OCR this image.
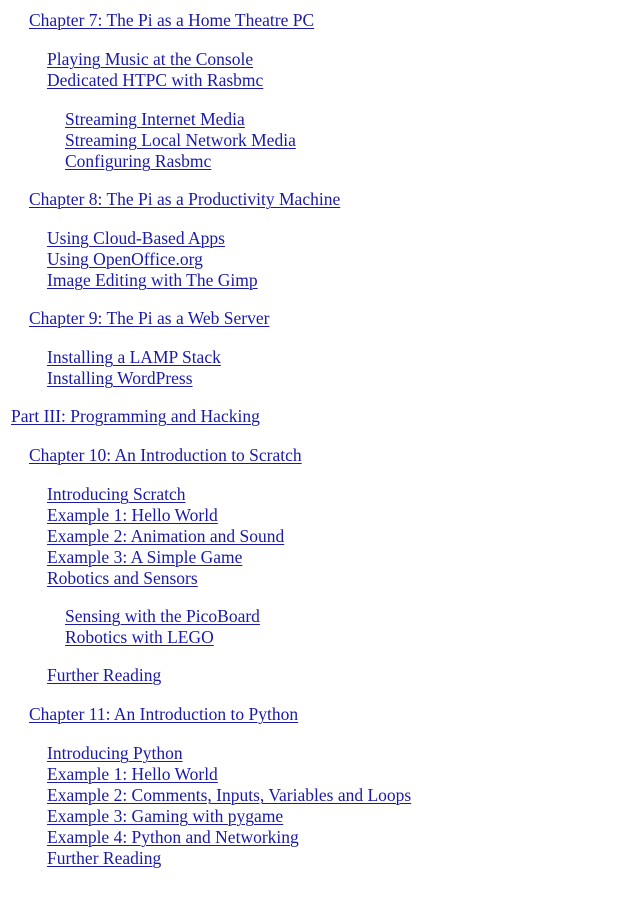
Chapter 7: The Pi as a Home Theatre PC
Playing Music at the Console
Dedicated HTPC with Rasbmc
Streaming Internet Media
Streaming Local Network Media
Configuring Rasbmc
Chapter 8: The Pi as a Productivity Machine
Using Cloud-Based Apps
Using OpenOffice.org
Image Editing with The Gimp
Chapter 9: The Pi as a Web Server
Installing a LAMP Stack
Installing WordPress
Part III: Programming and Hacking
Chapter 10: An Introduction to Scratch
Introducing Scratch
Example 1: Hello World
Example 2: Animation and Sound
Example 3: A Simple Game
Robotics and Sensors
Sensing with the PicoBoard
Robotics with LEGO
Further Reading
Chapter 11: An Introduction to Python
Introducing Python
Example 1: Hello World
Example 2: Comments, Inputs, Variables and Loops
Example 3: Gaming with pygame
Example 4: Python and Networking
Further Reading
